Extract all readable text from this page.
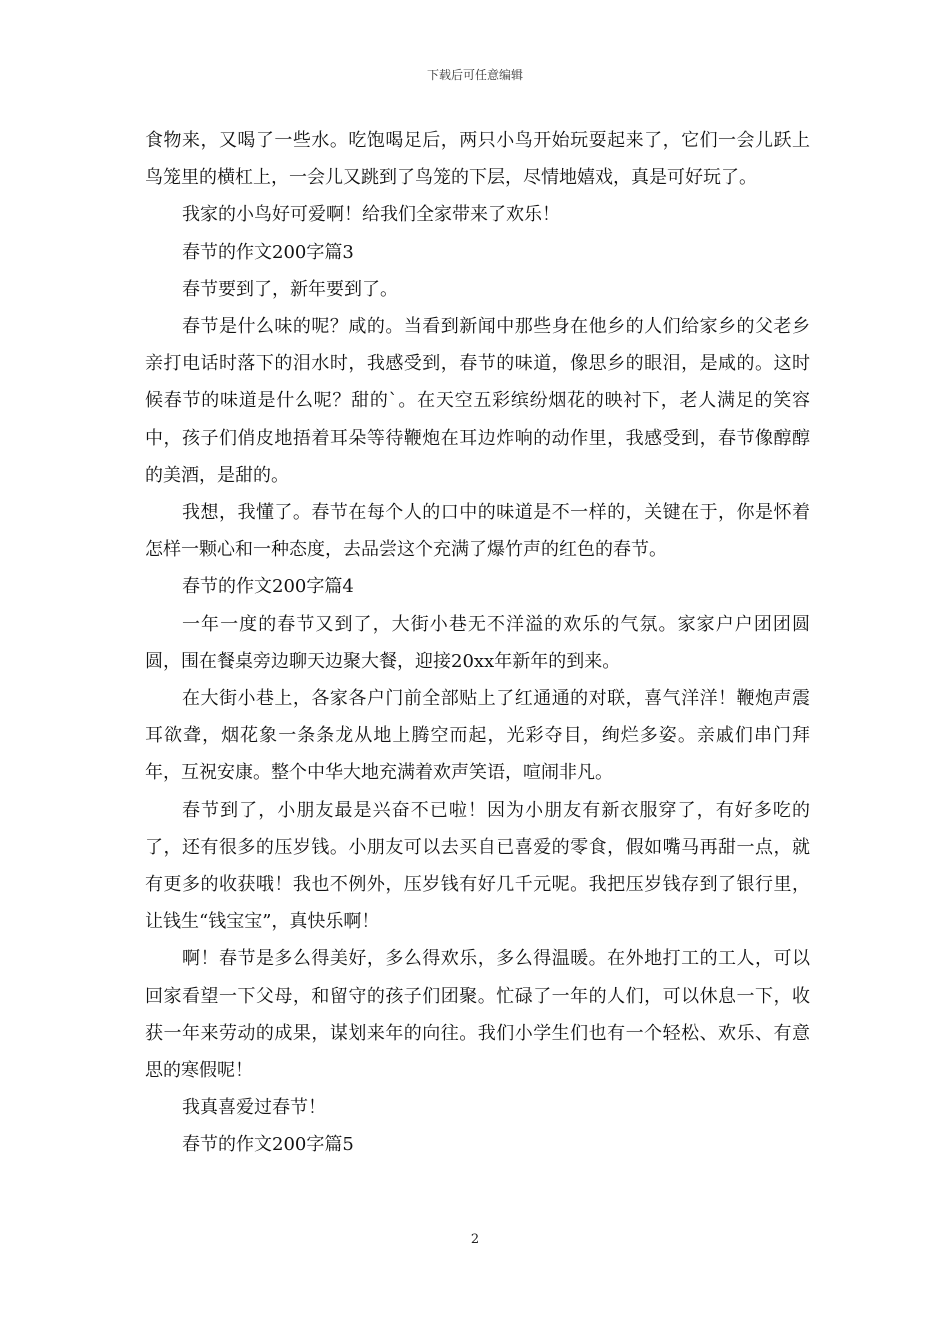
下载后可任意编辑

食物来，又喝了一些水。吃饱喝足后，两只小鸟开始玩耍起来了，它们一会儿跃上鸟笼里的横杠上，一会儿又跳到了鸟笼的下层，尽情地嬉戏，真是可好玩了。

我家的小鸟好可爱啊！给我们全家带来了欢乐！

春节的作文200字篇3

春节要到了，新年要到了。

春节是什么味的呢？咸的。当看到新闻中那些身在他乡的人们给家乡的父老乡亲打电话时落下的泪水时，我感受到，春节的味道，像思乡的眼泪，是咸的。这时候春节的味道是什么呢？甜的`。在天空五彩缤纷烟花的映衬下，老人满足的笑容中，孩子们俏皮地捂着耳朵等待鞭炮在耳边炸响的动作里，我感受到，春节像醇醇的美酒，是甜的。

我想，我懂了。春节在每个人的口中的味道是不一样的，关键在于，你是怀着怎样一颗心和一种态度，去品尝这个充满了爆竹声的红色的春节。

春节的作文200字篇4

一年一度的春节又到了，大街小巷无不洋溢的欢乐的气氛。家家户户团团圆圆，围在餐桌旁边聊天边聚大餐，迎接20xx年新年的到来。

在大街小巷上，各家各户门前全部贴上了红通通的对联，喜气洋洋！鞭炮声震耳欲聋，烟花象一条条龙从地上腾空而起，光彩夺目，绚烂多姿。亲戚们串门拜年，互祝安康。整个中华大地充满着欢声笑语，喧闹非凡。

春节到了，小朋友最是兴奋不已啦！因为小朋友有新衣服穿了，有好多吃的了，还有很多的压岁钱。小朋友可以去买自已喜爱的零食，假如嘴马再甜一点，就有更多的收获哦！我也不例外，压岁钱有好几千元呢。我把压岁钱存到了银行里，让钱生“钱宝宝”，真快乐啊！

啊！春节是多么得美好，多么得欢乐，多么得温暖。在外地打工的工人，可以回家看望一下父母，和留守的孩子们团聚。忙碌了一年的人们，可以休息一下，收获一年来劳动的成果，谋划来年的向往。我们小学生们也有一个轻松、欢乐、有意思的寒假呢！

我真喜爱过春节！

春节的作文200字篇5

2
